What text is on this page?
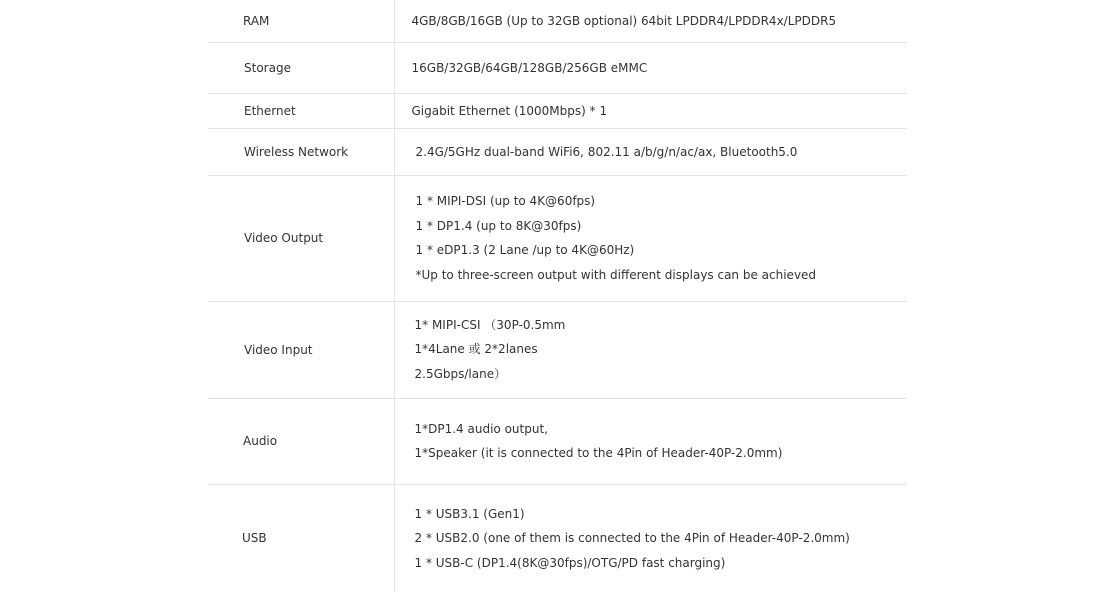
RAM	4GB/8GB/16GB (Up to 32GB optional) 64bit LPDDR4/LPDDR4x/LPDDR5

Storage	16GB/32GB/64GB/128GB/256GB eMMC

Ethernet	Gigabit Ethernet (1000Mbps) * 1

Wireless Network	2.4G/5GHz dual-band WiFi6, 802.11 a/b/g/n/ac/ax, Bluetooth5.0

Video Output	1 * MIPI-DSI (up to 4K@60fps)
1 * DP1.4 (up to 8K@30fps)
1 * eDP1.3 (2 Lane /up to 4K@60Hz)
*Up to three-screen output with different displays can be achieved

Video Input	1* MIPI-CSI （30P-0.5mm
1*4Lane 或 2*2lanes
2.5Gbps/lane）

Audio	1*DP1.4 audio output,
1*Speaker (it is connected to the 4Pin of Header-40P-2.0mm)

USB	1 * USB3.1 (Gen1)
2 * USB2.0 (one of them is connected to the 4Pin of Header-40P-2.0mm)
1 * USB-C (DP1.4(8K@30fps)/OTG/PD fast charging)
